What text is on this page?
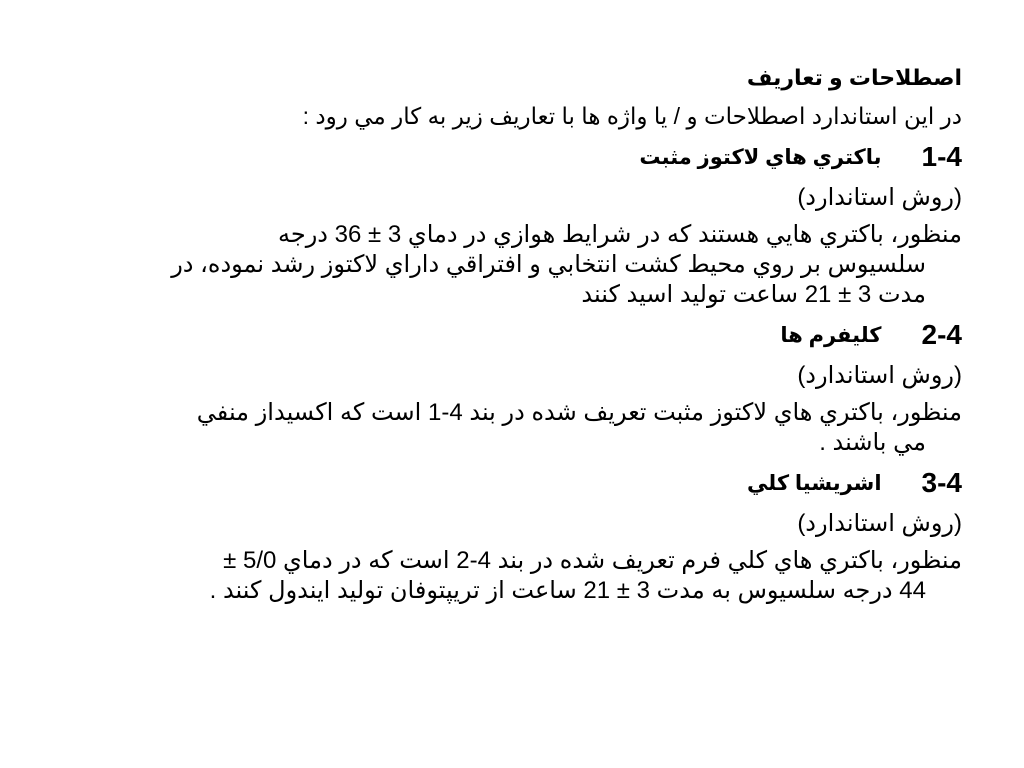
اصطلاحات و تعاريف

در اين استاندارد اصطلاحات و / يا واژه ها با تعاريف زير به كار مي رود :

1-4
باكتري هاي لاكتوز مثبت

(روش استاندارد)

منظور، باكتري هايي هستند كه در شرايط هوازي در دماي 3 ± 36 درجه
سلسيوس بر روي محيط كشت انتخابي و افتراقي داراي لاكتوز رشد نموده، در
مدت 3 ± 21 ساعت توليد اسيد كنند
2-4
كليفرم ها

(روش استاندارد)

منظور، باكتري هاي لاكتوز مثبت تعريف شده در بند 4-1 است كه اكسيداز منفي
مي باشند .
3-4
اشريشيا كلي

(روش استاندارد)

منظور، باكتري هاي كلي فرم تعريف شده در بند 4-2 است كه در دماي 5/0 ±
44 درجه سلسيوس به مدت 3 ± 21 ساعت از تريپتوفان توليد ايندول كنند .
